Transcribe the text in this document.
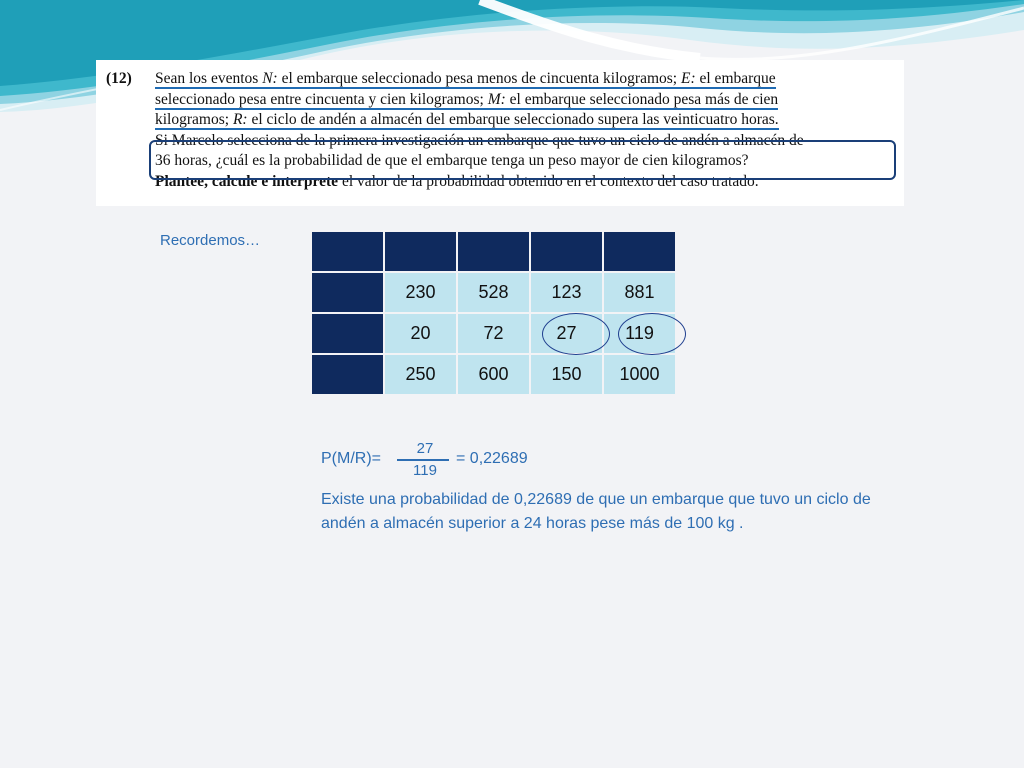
(12) Sean los eventos N: el embarque seleccionado pesa menos de cincuenta kilogramos; E: el embarque
seleccionado pesa entre cincuenta y cien kilogramos; M: el embarque seleccionado pesa más de cien
kilogramos; R: el ciclo de andén a almacén del embarque seleccionado supera las veinticuatro horas.
Si Marcelo selecciona de la primera investigación un embarque que tuvo un ciclo de andén a almacén de
36 horas, ¿cuál es la probabilidad de que el embarque tenga un peso mayor de cien kilogramos?
Plantee, calcule e interprete el valor de la probabilidad obtenido en el contexto del caso tratado.
Recordemos…

	230	528	123	881
	20	72	27	119
	250	600	150	1000
P(M/R)=
27
119
= 0,22689
Existe una probabilidad de 0,22689 de que un embarque que tuvo un ciclo de andén a almacén superior a 24 horas pese más de 100 kg .
